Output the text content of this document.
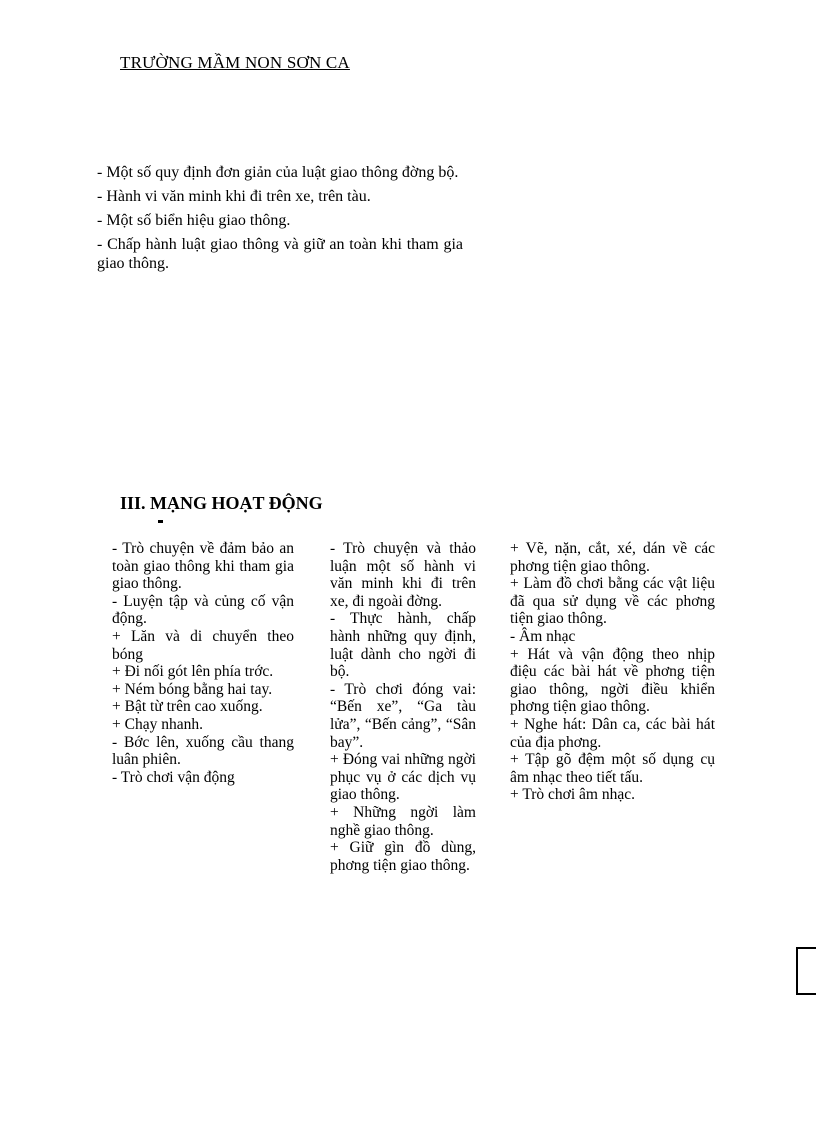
TRƯỜNG MẦM NON SƠN CA

- Một số quy định đơn giản của luật giao thông đờng bộ.

- Hành vi văn minh khi đi trên xe, trên tàu.

- Một số biển hiệu giao thông.

- Chấp hành luật giao thông và giữ an toàn khi tham gia giao thông.

III. MẠNG HOẠT ĐỘNG

- Trò chuyện về đảm bảo an toàn giao thông khi tham gia giao thông.

- Luyện tập và củng cố vận động.

+ Lăn và di chuyển theo bóng

+ Đi nối gót lên phía trớc.

+ Ném bóng bằng hai tay.

+ Bật từ trên cao xuống.

+ Chạy nhanh.

- Bớc lên, xuống cầu thang luân phiên.

- Trò chơi vận động

- Trò chuyện và thảo luận một số hành vi văn minh khi đi trên xe, đi ngoài đờng.

- Thực hành, chấp hành những quy định, luật dành cho ngời đi bộ.

- Trò chơi đóng vai: “Bến xe”, “Ga tàu lửa”, “Bến cảng”, “Sân bay”.

+ Đóng vai những ngời phục vụ ở các dịch vụ giao thông.

+ Những ngời làm nghề giao thông.

+ Giữ gìn đồ dùng, phơng tiện giao thông.

+ Vẽ, nặn, cắt, xé, dán về các phơng tiện giao thông.

+ Làm đồ chơi bằng các vật liệu đã qua sử dụng về các phơng tiện giao thông.

- Âm nhạc

+ Hát và vận động theo nhịp điệu các bài hát về phơng tiện giao thông, ngời điều khiển phơng tiện giao thông.

+ Nghe hát: Dân ca, các bài hát của địa phơng.

+ Tập gõ đệm một số dụng cụ âm nhạc theo tiết tấu.

+ Trò chơi âm nhạc.
